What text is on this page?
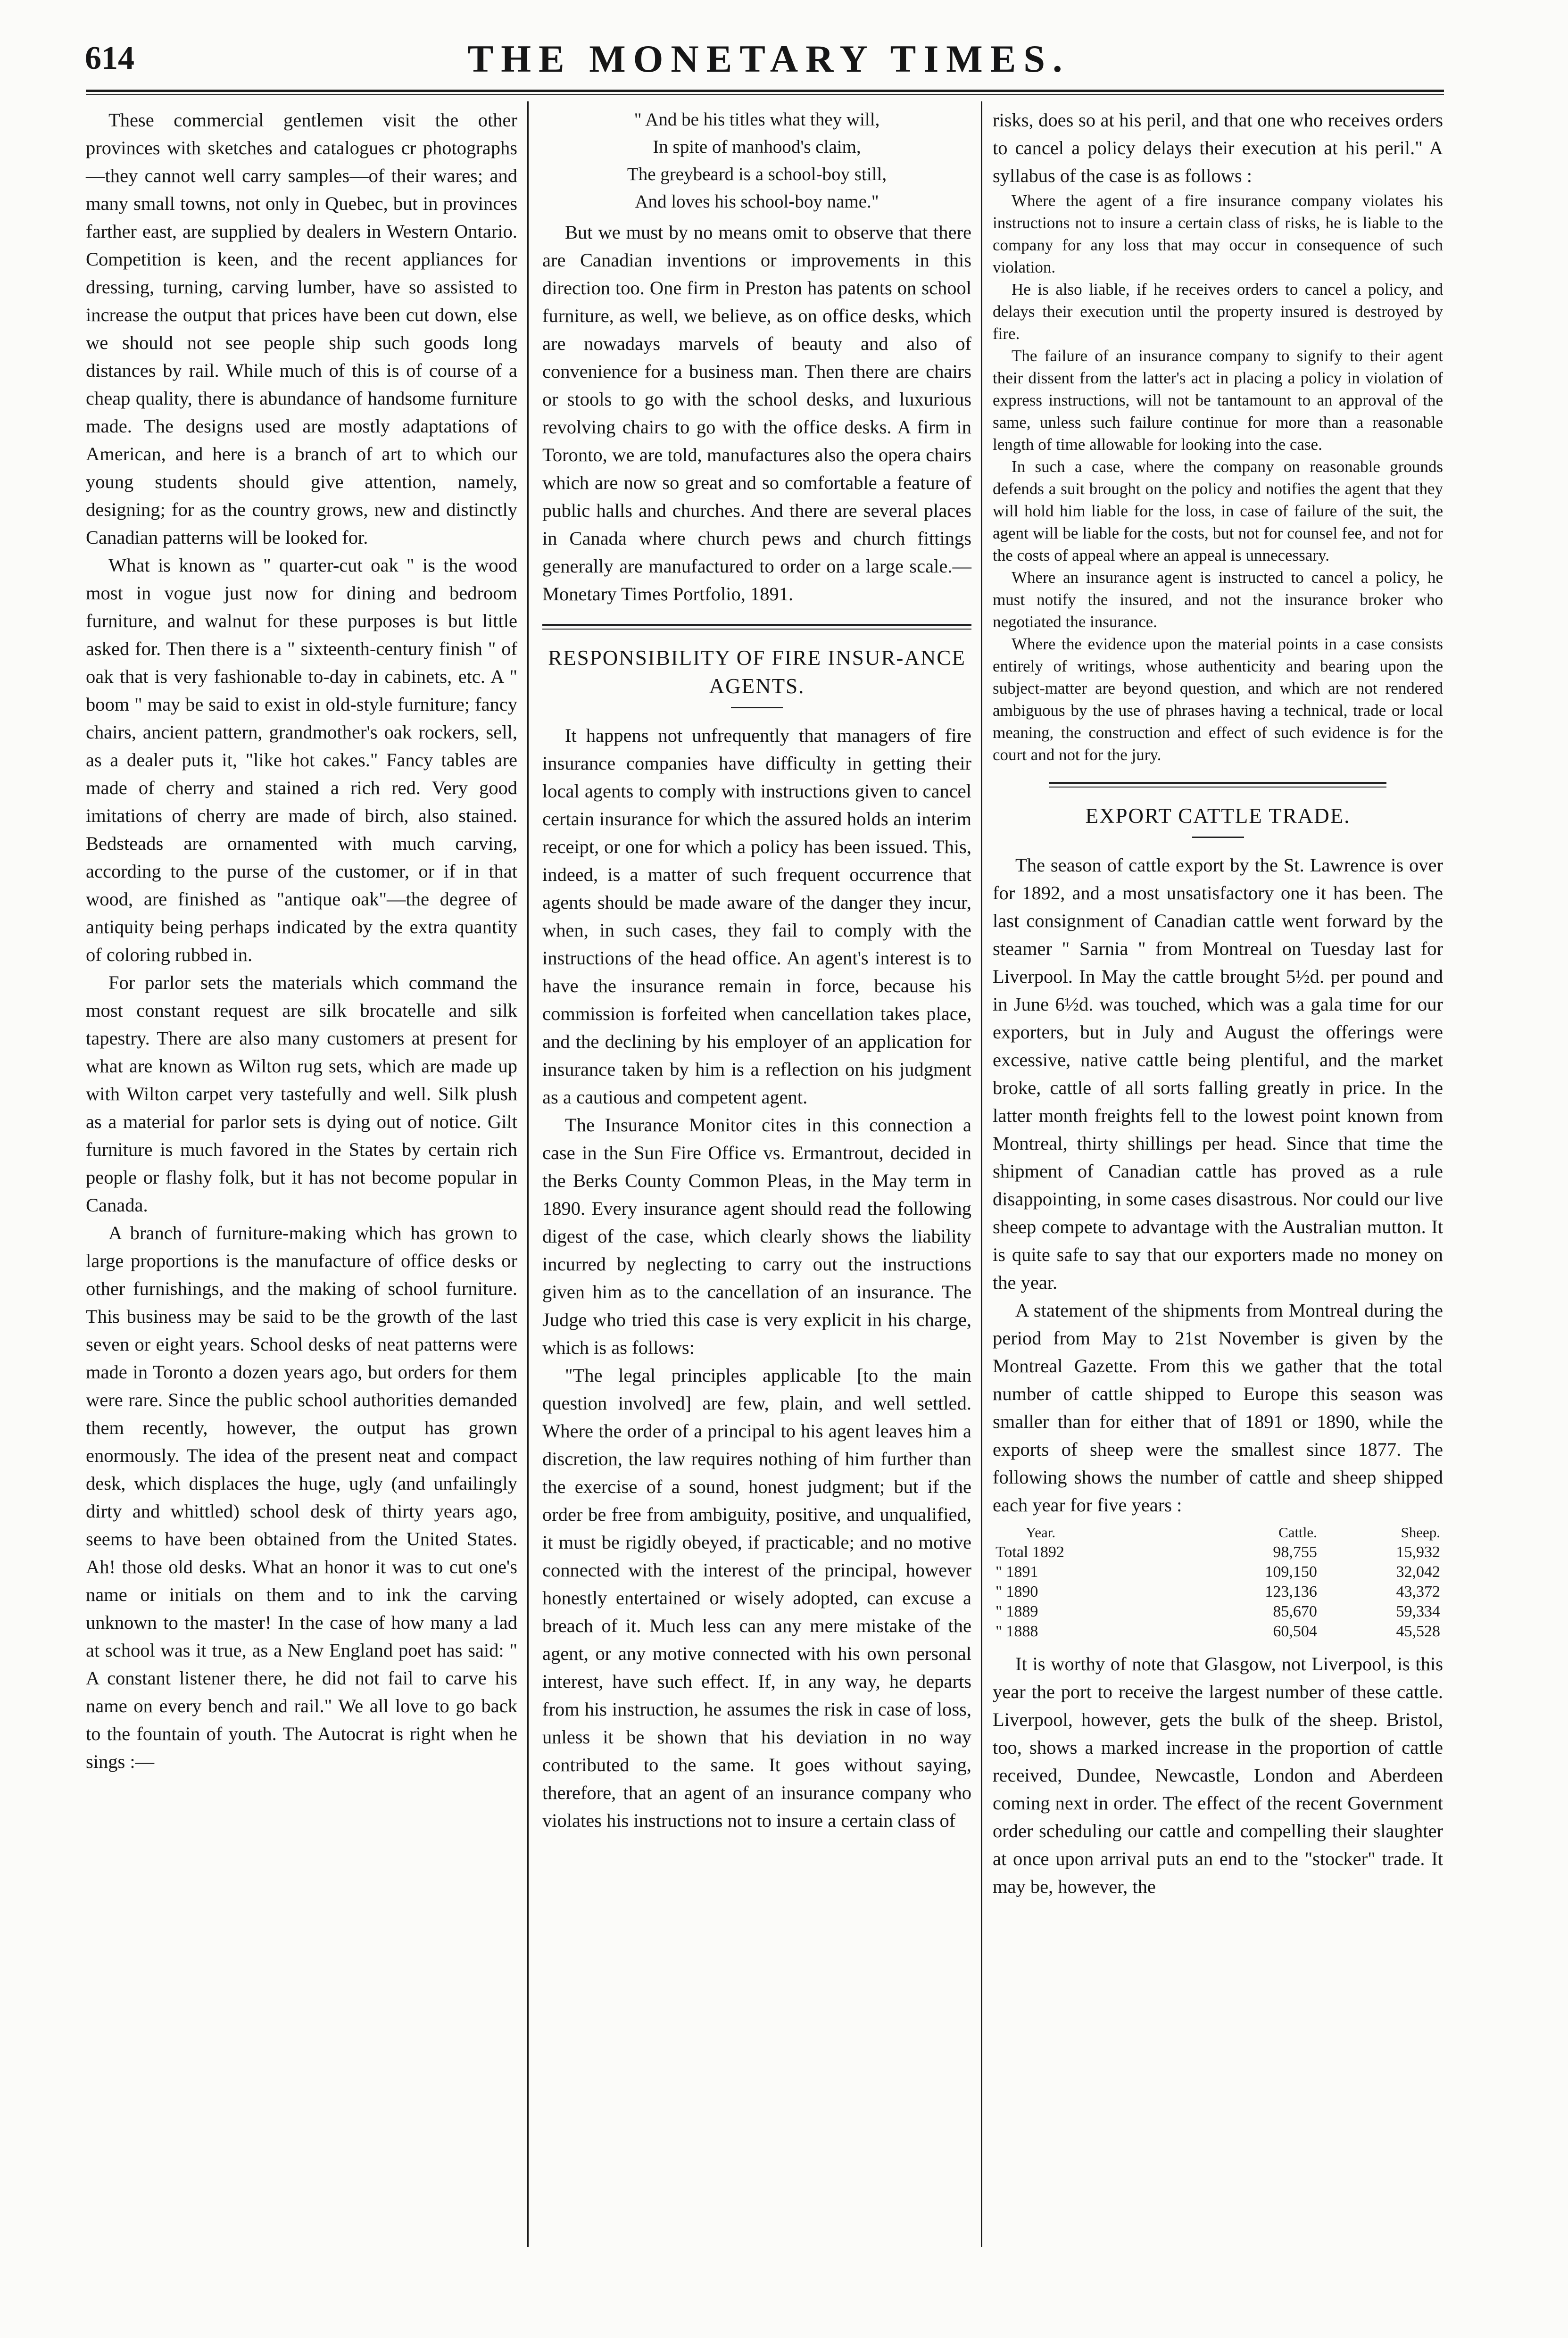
614	THE MONETARY TIMES.

These commercial gentlemen visit the other provinces with sketches and catalogues cr photographs—they cannot well carry samples—of their wares; and many small towns, not only in Quebec, but in provinces farther east, are supplied by dealers in Western Ontario. Competition is keen, and the recent appliances for dressing, turning, carving lumber, have so assisted to increase the output that prices have been cut down, else we should not see people ship such goods long distances by rail. While much of this is of course of a cheap quality, there is abundance of handsome furniture made. The designs used are mostly adaptations of American, and here is a branch of art to which our young students should give attention, namely, designing; for as the country grows, new and distinctly Canadian patterns will be looked for.

What is known as " quarter-cut oak " is the wood most in vogue just now for dining and bedroom furniture, and walnut for these purposes is but little asked for. Then there is a " sixteenth-century finish " of oak that is very fashionable to-day in cabinets, etc. A " boom " may be said to exist in old-style furniture; fancy chairs, ancient pattern, grandmother's oak rockers, sell, as a dealer puts it, "like hot cakes." Fancy tables are made of cherry and stained a rich red. Very good imitations of cherry are made of birch, also stained. Bedsteads are ornamented with much carving, according to the purse of the customer, or if in that wood, are finished as "antique oak"—the degree of antiquity being perhaps indicated by the extra quantity of coloring rubbed in.

For parlor sets the materials which command the most constant request are silk brocatelle and silk tapestry. There are also many customers at present for what are known as Wilton rug sets, which are made up with Wilton carpet very tastefully and well. Silk plush as a material for parlor sets is dying out of notice. Gilt furniture is much favored in the States by certain rich people or flashy folk, but it has not become popular in Canada.

A branch of furniture-making which has grown to large proportions is the manufacture of office desks or other furnishings, and the making of school furniture. This business may be said to be the growth of the last seven or eight years. School desks of neat patterns were made in Toronto a dozen years ago, but orders for them were rare. Since the public school authorities demanded them recently, however, the output has grown enormously. The idea of the present neat and compact desk, which displaces the huge, ugly (and unfailingly dirty and whittled) school desk of thirty years ago, seems to have been obtained from the United States. Ah! those old desks. What an honor it was to cut one's name or initials on them and to ink the carving unknown to the master! In the case of how many a lad at school was it true, as a New England poet has said: " A constant listener there, he did not fail to carve his name on every bench and rail." We all love to go back to the fountain of youth. The Autocrat is right when he sings :—

" And be his titles what they will,
In spite of manhood's claim,
The greybeard is a school-boy still,
And loves his school-boy name."

But we must by no means omit to observe that there are Canadian inventions or improvements in this direction too. One firm in Preston has patents on school furniture, as well, we believe, as on office desks, which are nowadays marvels of beauty and also of convenience for a business man. Then there are chairs or stools to go with the school desks, and luxurious revolving chairs to go with the office desks. A firm in Toronto, we are told, manufactures also the opera chairs which are now so great and so comfortable a feature of public halls and churches. And there are several places in Canada where church pews and church fittings generally are manufactured to order on a large scale.—Monetary Times Portfolio, 1891.

RESPONSIBILITY OF FIRE INSUR-ANCE AGENTS.

It happens not unfrequently that managers of fire insurance companies have difficulty in getting their local agents to comply with instructions given to cancel certain insurance for which the assured holds an interim receipt, or one for which a policy has been issued. This, indeed, is a matter of such frequent occurrence that agents should be made aware of the danger they incur, when, in such cases, they fail to comply with the instructions of the head office. An agent's interest is to have the insurance remain in force, because his commission is forfeited when cancellation takes place, and the declining by his employer of an application for insurance taken by him is a reflection on his judgment as a cautious and competent agent.

The Insurance Monitor cites in this connection a case in the Sun Fire Office vs. Ermantrout, decided in the Berks County Common Pleas, in the May term in 1890. Every insurance agent should read the following digest of the case, which clearly shows the liability incurred by neglecting to carry out the instructions given him as to the cancellation of an insurance. The Judge who tried this case is very explicit in his charge, which is as follows:

"The legal principles applicable [to the main question involved] are few, plain, and well settled. Where the order of a principal to his agent leaves him a discretion, the law requires nothing of him further than the exercise of a sound, honest judgment; but if the order be free from ambiguity, positive, and unqualified, it must be rigidly obeyed, if practicable; and no motive connected with the interest of the principal, however honestly entertained or wisely adopted, can excuse a breach of it. Much less can any mere mistake of the agent, or any motive connected with his own personal interest, have such effect. If, in any way, he departs from his instruction, he assumes the risk in case of loss, unless it be shown that his deviation in no way contributed to the same. It goes without saying, therefore, that an agent of an insurance company who violates his instructions not to insure a certain class of

risks, does so at his peril, and that one who receives orders to cancel a policy delays their execution at his peril." A syllabus of the case is as follows :

Where the agent of a fire insurance company violates his instructions not to insure a certain class of risks, he is liable to the company for any loss that may occur in consequence of such violation.

He is also liable, if he receives orders to cancel a policy, and delays their execution until the property insured is destroyed by fire.

The failure of an insurance company to signify to their agent their dissent from the latter's act in placing a policy in violation of express instructions, will not be tantamount to an approval of the same, unless such failure continue for more than a reasonable length of time allowable for looking into the case.

In such a case, where the company on reasonable grounds defends a suit brought on the policy and notifies the agent that they will hold him liable for the loss, in case of failure of the suit, the agent will be liable for the costs, but not for counsel fee, and not for the costs of appeal where an appeal is unnecessary.

Where an insurance agent is instructed to cancel a policy, he must notify the insured, and not the insurance broker who negotiated the insurance.

Where the evidence upon the material points in a case consists entirely of writings, whose authenticity and bearing upon the subject-matter are beyond question, and which are not rendered ambiguous by the use of phrases having a technical, trade or local meaning, the construction and effect of such evidence is for the court and not for the jury.

EXPORT CATTLE TRADE.

The season of cattle export by the St. Lawrence is over for 1892, and a most unsatisfactory one it has been. The last consignment of Canadian cattle went forward by the steamer " Sarnia " from Montreal on Tuesday last for Liverpool. In May the cattle brought 5½d. per pound and in June 6½d. was touched, which was a gala time for our exporters, but in July and August the offerings were excessive, native cattle being plentiful, and the market broke, cattle of all sorts falling greatly in price. In the latter month freights fell to the lowest point known from Montreal, thirty shillings per head. Since that time the shipment of Canadian cattle has proved as a rule disappointing, in some cases disastrous. Nor could our live sheep compete to advantage with the Australian mutton. It is quite safe to say that our exporters made no money on the year.

A statement of the shipments from Montreal during the period from May to 21st November is given by the Montreal Gazette. From this we gather that the total number of cattle shipped to Europe this season was smaller than for either that of 1891 or 1890, while the exports of sheep were the smallest since 1877. The following shows the number of cattle and sheep shipped each year for five years :

Year.	Cattle.	Sheep.
Total 1892	98,755	15,932
" 1891	109,150	32,042
" 1890	123,136	43,372
" 1889	85,670	59,334
" 1888	60,504	45,528

It is worthy of note that Glasgow, not Liverpool, is this year the port to receive the largest number of these cattle. Liverpool, however, gets the bulk of the sheep. Bristol, too, shows a marked increase in the proportion of cattle received, Dundee, Newcastle, London and Aberdeen coming next in order. The effect of the recent Government order scheduling our cattle and compelling their slaughter at once upon arrival puts an end to the "stocker" trade. It may be, however, the
